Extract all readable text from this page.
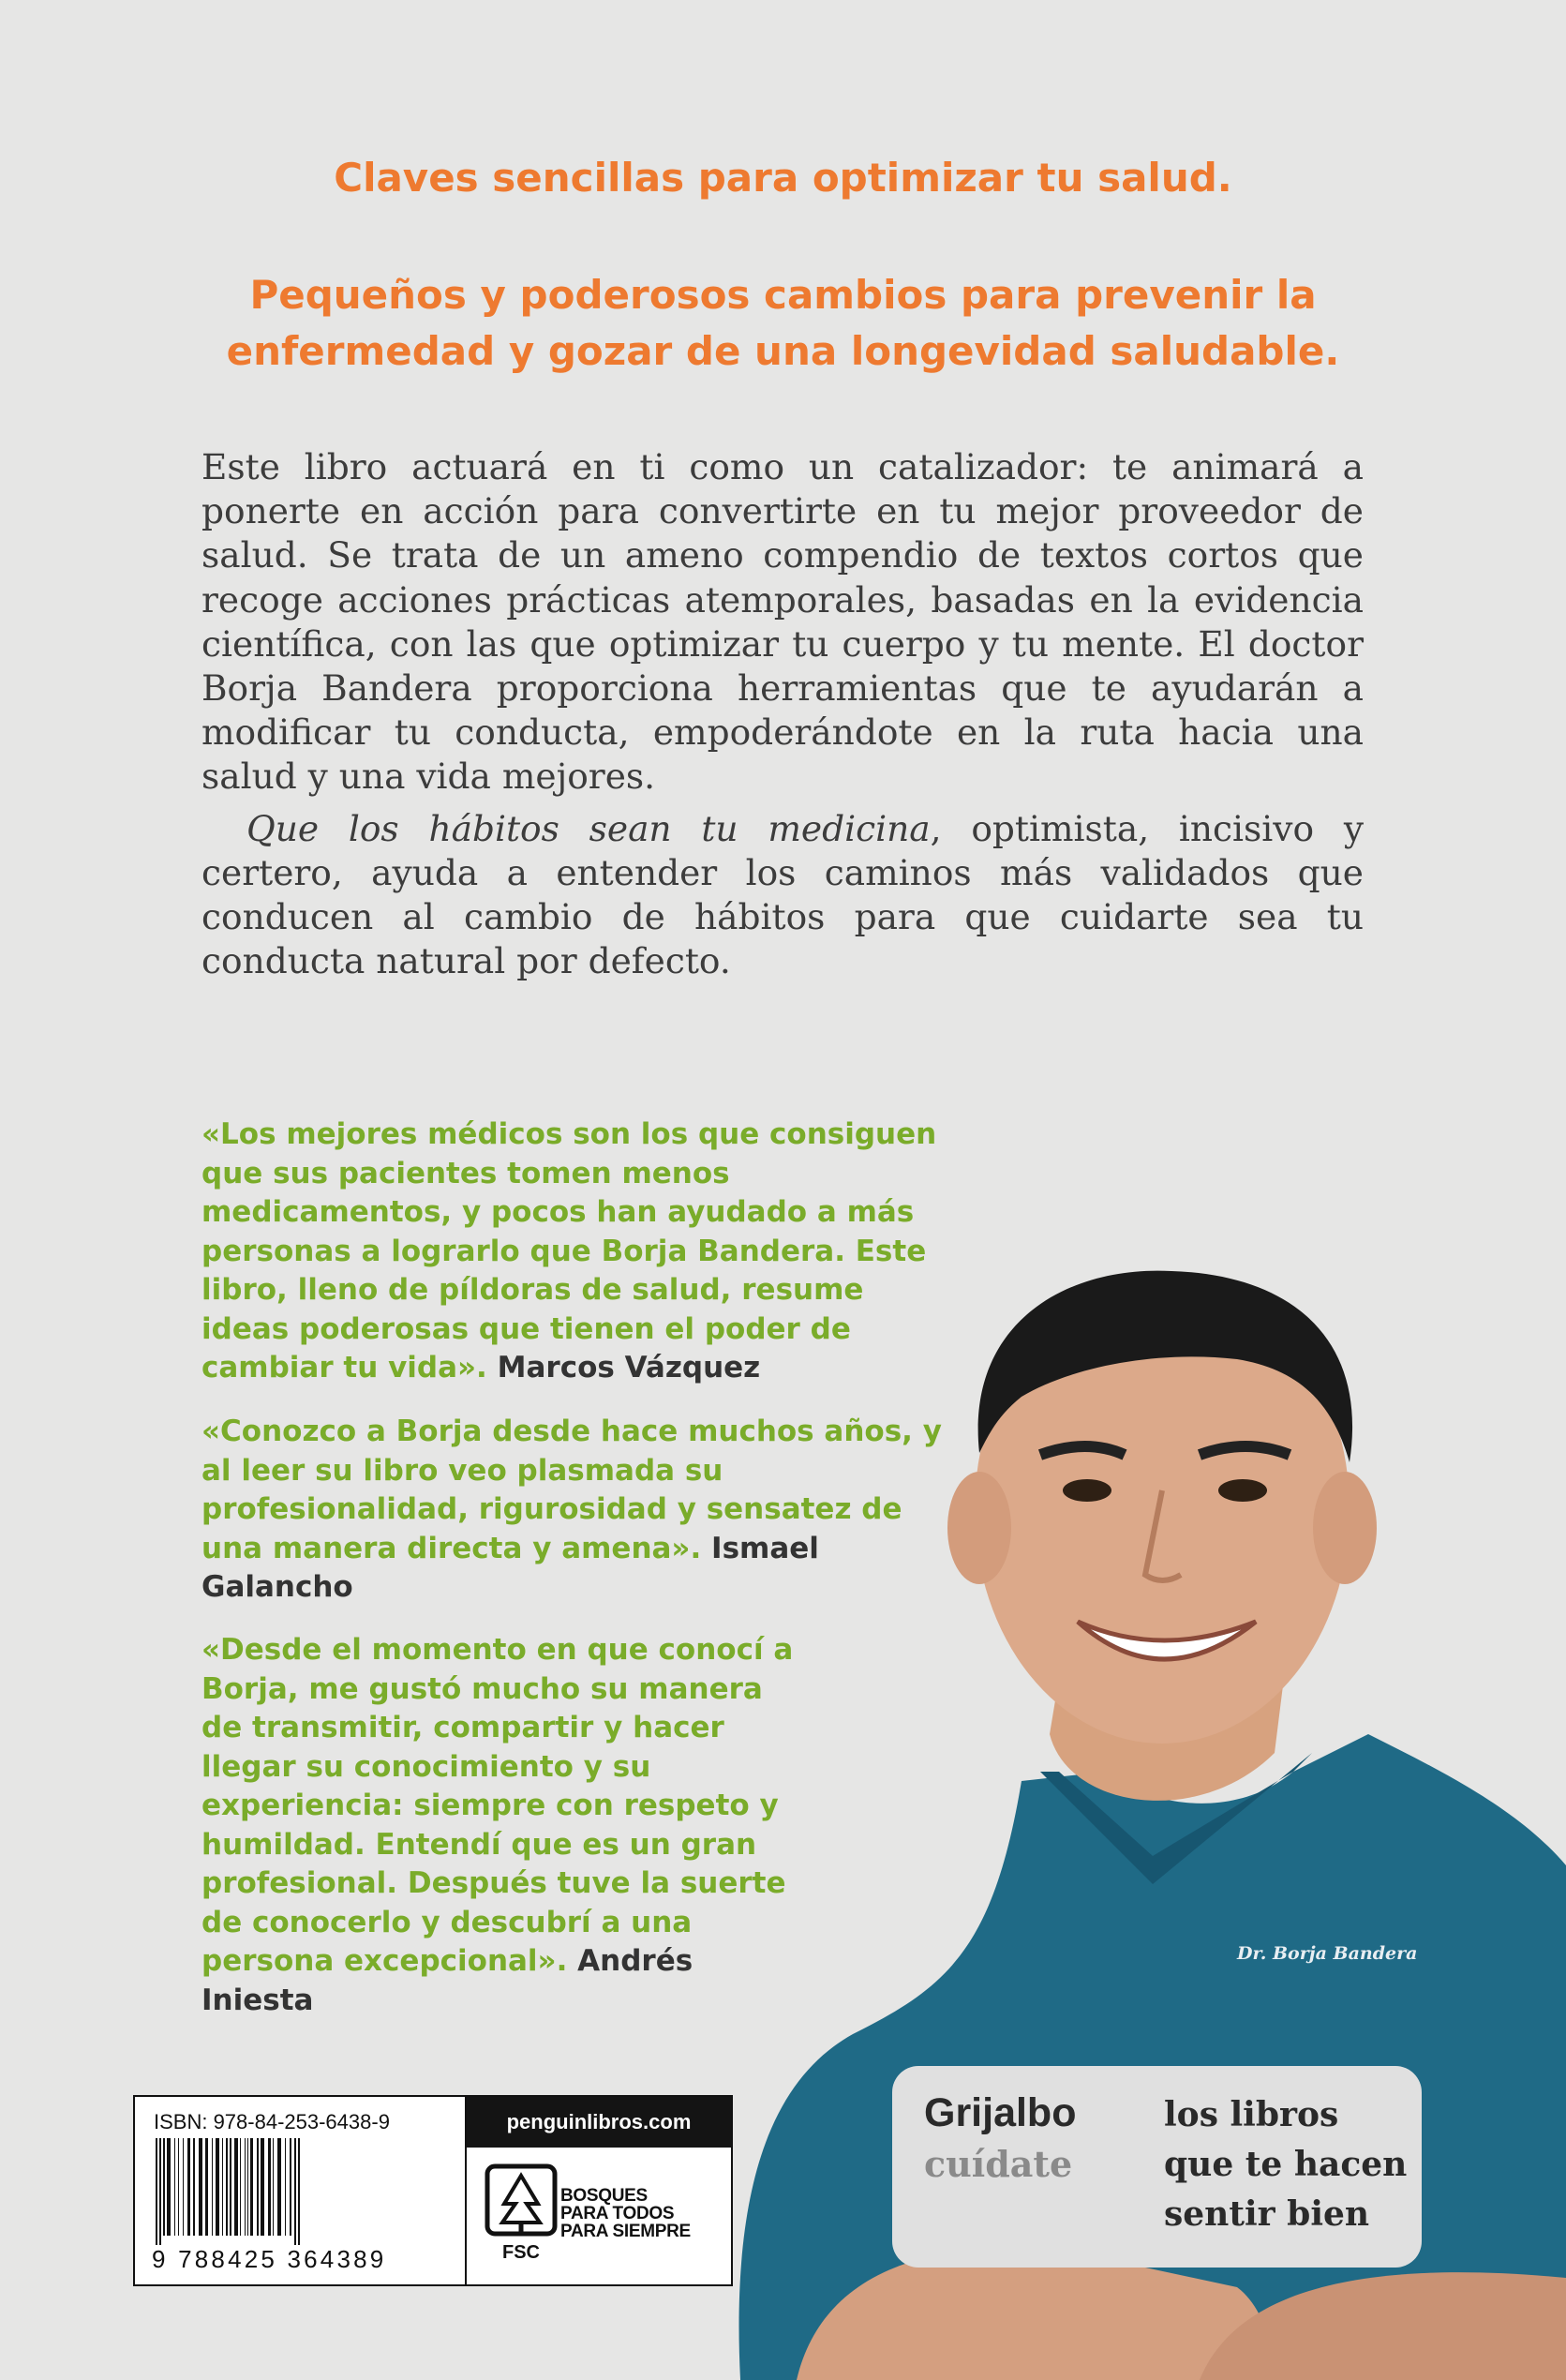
Claves sencillas para optimizar tu salud.

Pequeños y poderosos cambios para prevenir la enfermedad y gozar de una longevidad saludable.

Este libro actuará en ti como un catalizador: te animará a ponerte en acción para convertirte en tu mejor proveedor de salud. Se trata de un ameno compendio de textos cortos que recoge acciones prácticas atemporales, basadas en la evidencia científica, con las que optimizar tu cuerpo y tu mente. El doctor Borja Bandera proporciona herramientas que te ayudarán a modificar tu conducta, empoderándote en la ruta hacia una salud y una vida mejores.

Que los hábitos sean tu medicina, optimista, incisivo y certero, ayuda a entender los caminos más validados que conducen al cambio de hábitos para que cuidarte sea tu conducta natural por defecto.

Dr. Borja Bandera
«Los mejores médicos son los que consiguen que sus pacientes tomen menos medicamentos, y pocos han ayudado a más personas a lograrlo que Borja Bandera. Este libro, lleno de píldoras de salud, resume ideas poderosas que tienen el poder de cambiar tu vida». Marcos Vázquez
«Conozco a Borja desde hace muchos años, y al leer su libro veo plasmada su profesionalidad, rigurosidad y sensatez de una manera directa y amena». Ismael Galancho
«Desde el momento en que conocí a Borja, me gustó mucho su manera de transmitir, compartir y hacer llegar su conocimiento y su experiencia: siempre con respeto y humildad. Entendí que es un gran profesional. Después tuve la suerte de conocerlo y descubrí a una persona excepcional». Andrés Iniesta
ISBN: 978-84-253-6438-9
9 788425 364389
penguinlibros.com
FSC
BOSQUES
PARA TODOS
PARA SIEMPRE
Grijalbo
cuídate
los libros
que te hacen
sentir bien
